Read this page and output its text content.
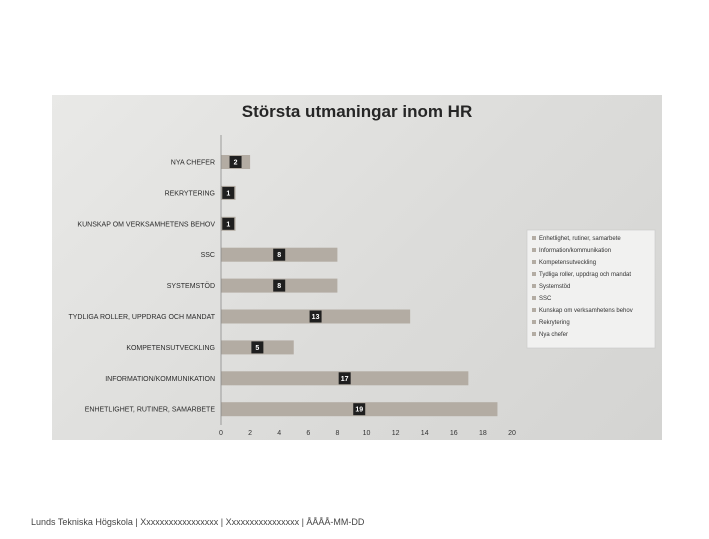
Största utmaningar inom HR
NYA CHEFER	2
REKRYTERING 1
KUNSKAP OM VERKSAMHETENS BEHOV 1
SSC	8
SYSTEMSTÖD	8
TYDLIGA ROLLER, UPPDRAG OCH MANDAT	13
KOMPETENSUTVECKLING	5
INFORMATION/KOMMUNIKATION	17
ENHETLIGHET, RUTINER, SAMARBETE	19
0	2	4	6	8	10	12	14	16	18	20
Enhetlighet, rutiner, samarbete
Information/kommunikation
Kompetensutveckling
Tydliga roller, uppdrag och mandat
Systemstöd
SSC
Kunskap om verksamhetens behov
Rekrytering
Nya chefer
Lunds Tekniska Högskola | Xxxxxxxxxxxxxxxxx | Xxxxxxxxxxxxxxxx | ÅÅÅÅ-MM-DD
